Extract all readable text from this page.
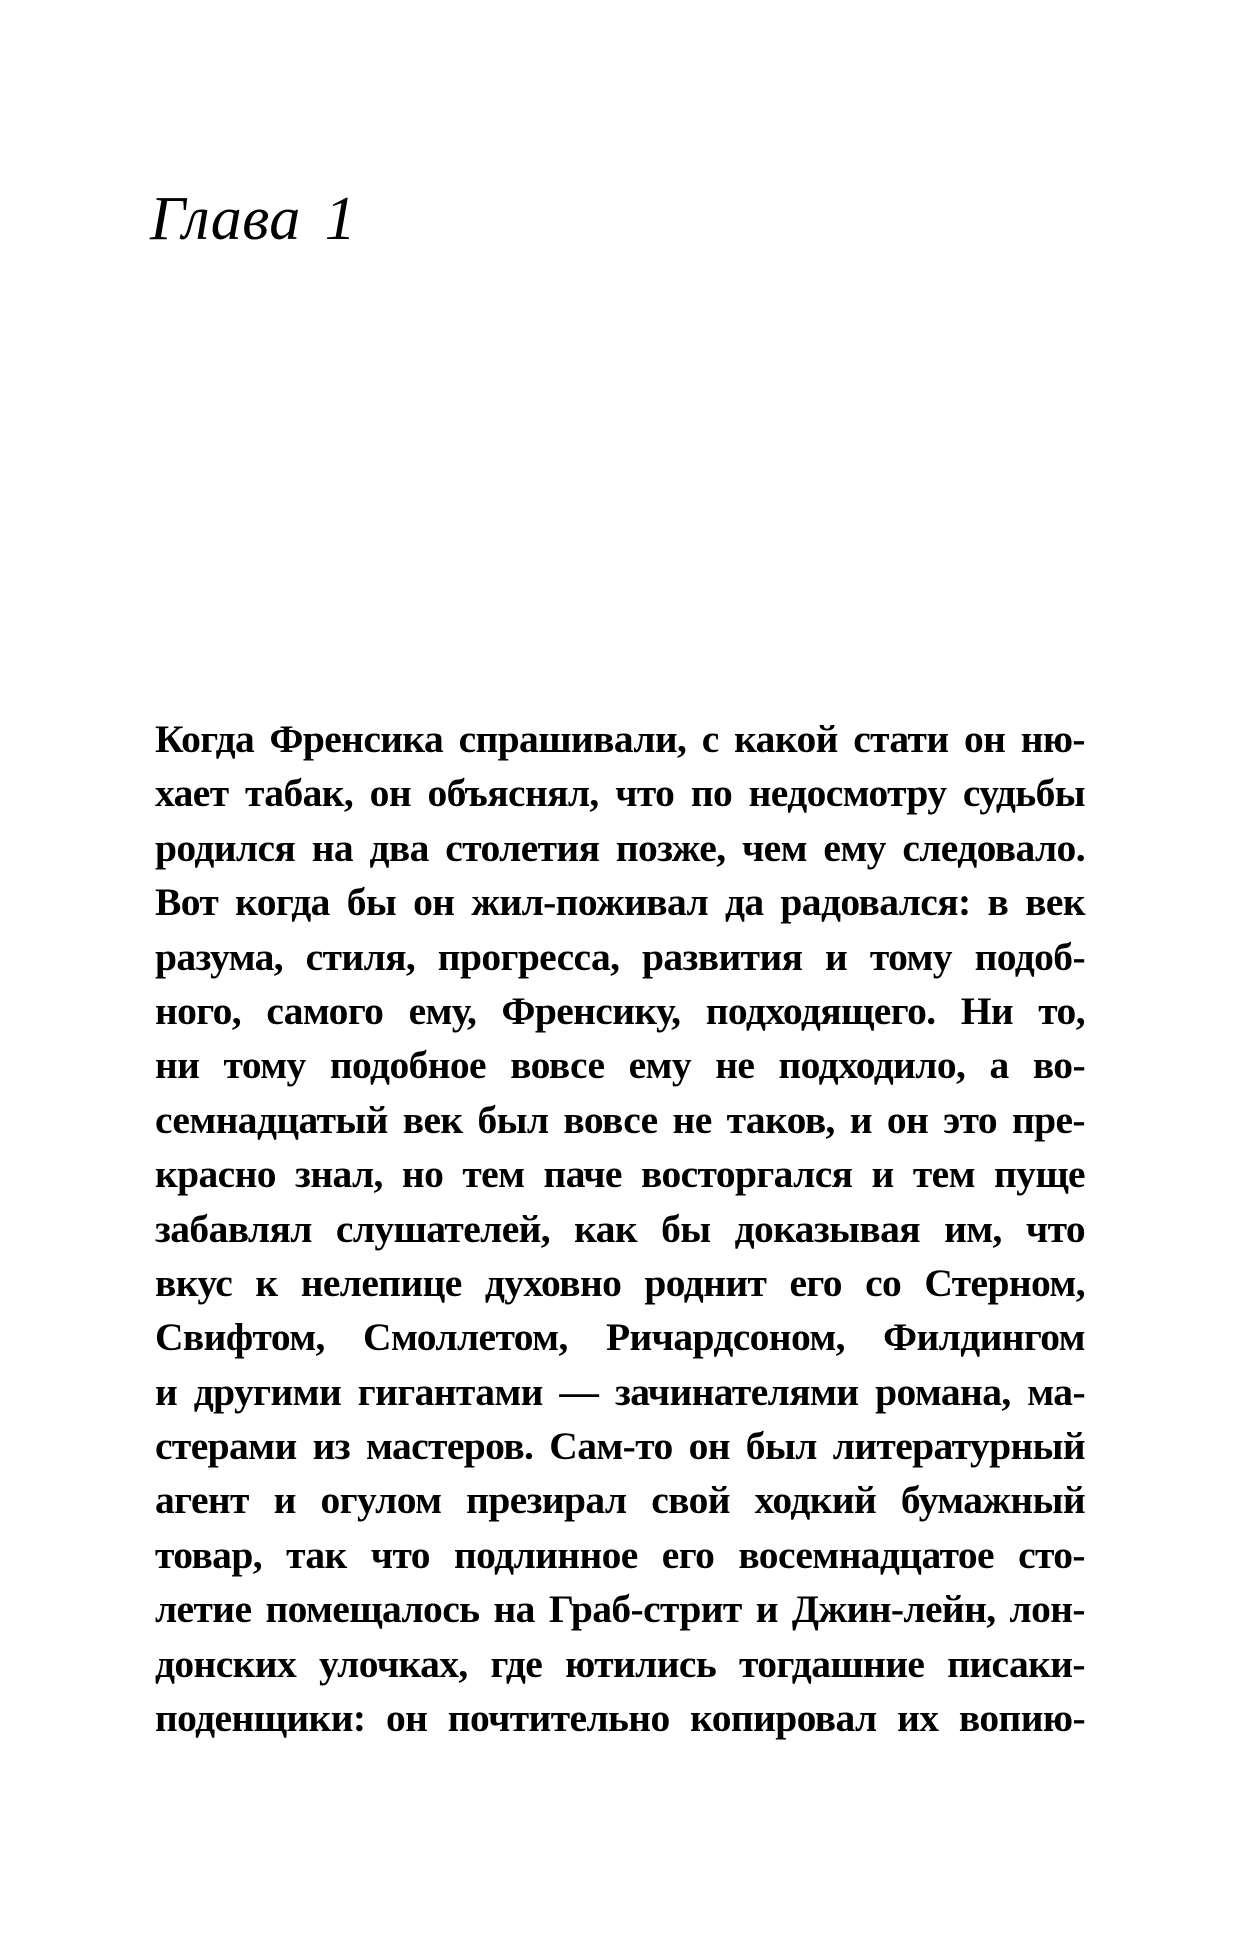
Глава 1
Когда Френсика спрашивали, с какой стати он ню-
хает табак, он объяснял, что по недосмотру судьбы
родился на два столетия позже, чем ему следовало.
Вот когда бы он жил-поживал да радовался: в век
разума, стиля, прогресса, развития и тому подоб-
ного, самого ему, Френсику, подходящего. Ни то,
ни тому подобное вовсе ему не подходило, а во-
семнадцатый век был вовсе не таков, и он это пре-
красно знал, но тем паче восторгался и тем пуще
забавлял слушателей, как бы доказывая им, что
вкус к нелепице духовно роднит его со Стерном,
Свифтом, Смоллетом, Ричардсоном, Филдингом
и другими гигантами — зачинателями романа, ма-
стерами из мастеров. Сам-то он был литературный
агент и огулом презирал свой ходкий бумажный
товар, так что подлинное его восемнадцатое сто-
летие помещалось на Граб-стрит и Джин-лейн, лон-
донских улочках, где ютились тогдашние писаки-
поденщики: он почтительно копировал их вопию-
